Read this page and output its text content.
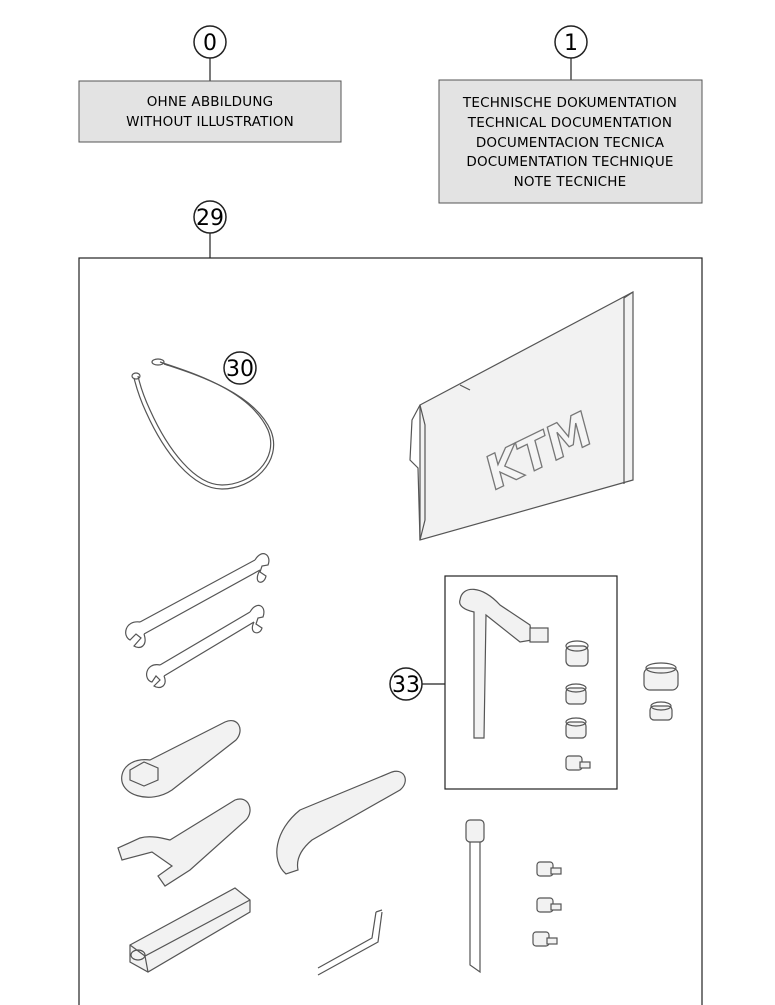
0
OHNE ABBILDUNG
WITHOUT ILLUSTRATION
1
TECHNISCHE DOKUMENTATION
TECHNICAL DOCUMENTATION
DOCUMENTACION TECNICA
DOCUMENTATION TECHNIQUE
NOTE TECNICHE
29
30
KTM
33
